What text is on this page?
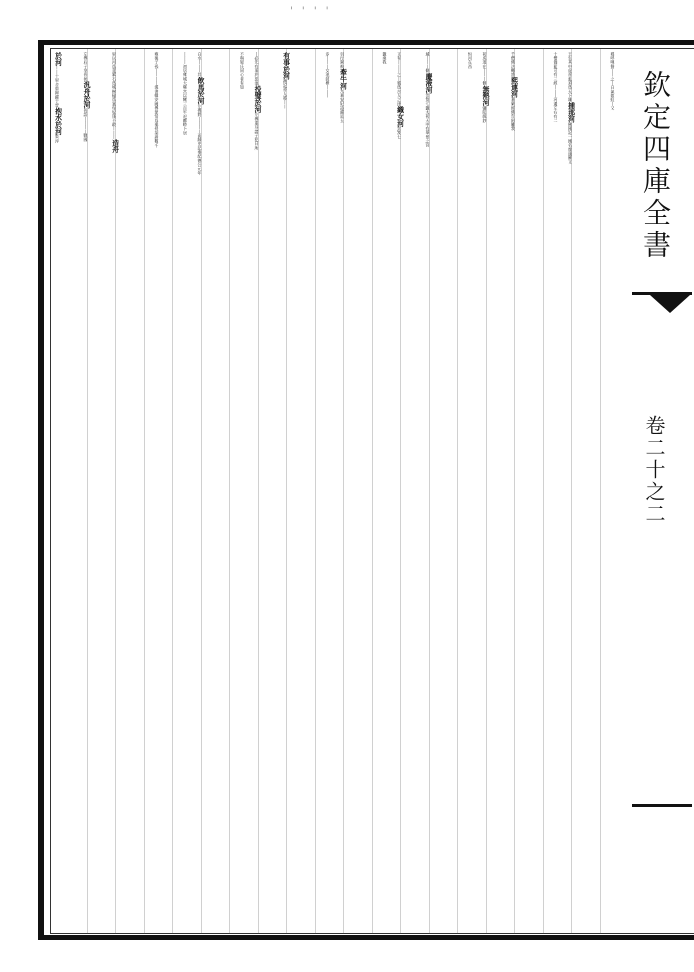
' ' ' '
穆呼哩贊丨丨之丨白氣如虹丨又
王生其中虎首虬須爲天下雄捕那河佛國記一國名摩頭羅又
十僧伽藍可有三經丨丨丨河邊左右有二
千僧佛法轉盛熙連河華嚴經佛告阿難我
初成道在丨丨丨側無熱河彌陀疏鈔
恒河在西
域丨丨丨側慶液河雲笈七籤太初天中有華景之宫
又有丨丨丨之丨號爲吉人之津織女河雲笈七
籤乘我
羽行駕飛牽牛河九華安妃詩濯足玉
步丨丨丨女池鼓枻丨丨丨
有事於河禮記晉人將丨丨
丨必先有事於惡池投璧於河左傳重耳謂子犯曰所
不與舅氏同心者有如
白水丨丨丨其飲馬於河左傳將丨丨丨丨而歸史記秦紀德公元年
丨丨丨初居雍城大鄭宫以犧三百牢祀鄜畤卜居
雍後子孫丨丨丨丨漢書韓安國傳蒙恬爲秦侵胡辟數千
里以河爲竟累石爲城樹榆爲塞匈奴遂不敢丨丨丨造舟
左傳后子享晉侯汎舟於河晉語丨丨丨丨戰國
於河丨丨十里舍車歸糴于晉抱水於河策淳	欽定四庫全書
卷二十之二
